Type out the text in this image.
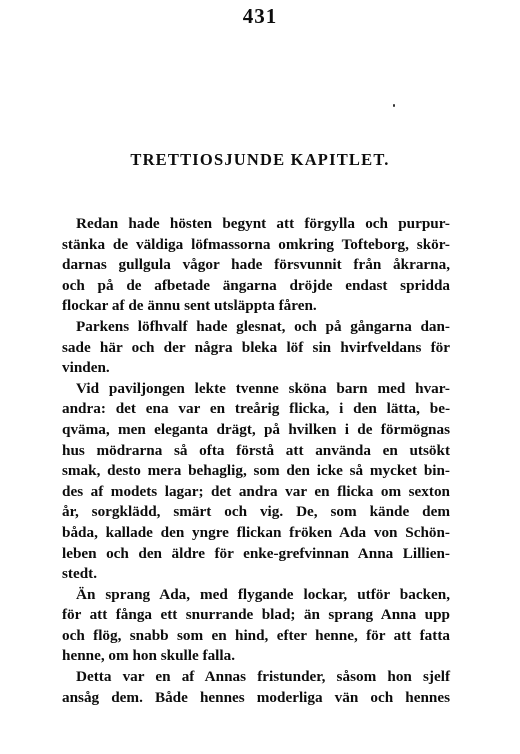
431
TRETTIOSJUNDE KAPITLET.
Redan hade hösten begynt att förgylla och purpur-
stänka de väldiga löfmassorna omkring Tofteborg, skör-
darnas gullgula vågor hade försvunnit från åkrarna,
och på de afbetade ängarna dröjde endast spridda
flockar af de ännu sent utsläppta fåren.
Parkens löfhvalf hade glesnat, och på gångarna dan-
sade här och der några bleka löf sin hvirfveldans för
vinden.
Vid paviljongen lekte tvenne sköna barn med hvar-
andra: det ena var en treårig flicka, i den lätta, be-
qväma, men eleganta drägt, på hvilken i de förmögnas
hus mödrarna så ofta förstå att använda en utsökt
smak, desto mera behaglig, som den icke så mycket bin-
des af modets lagar; det andra var en flicka om sexton
år, sorgklädd, smärt och vig. De, som kände dem
båda, kallade den yngre flickan fröken Ada von Schön-
leben och den äldre för enke-grefvinnan Anna Lillien-
stedt.
Än sprang Ada, med flygande lockar, utför backen,
för att fånga ett snurrande blad; än sprang Anna upp
och flög, snabb som en hind, efter henne, för att fatta
henne, om hon skulle falla.
Detta var en af Annas fristunder, såsom hon sjelf
ansåg dem. Både hennes moderliga vän och hennes
